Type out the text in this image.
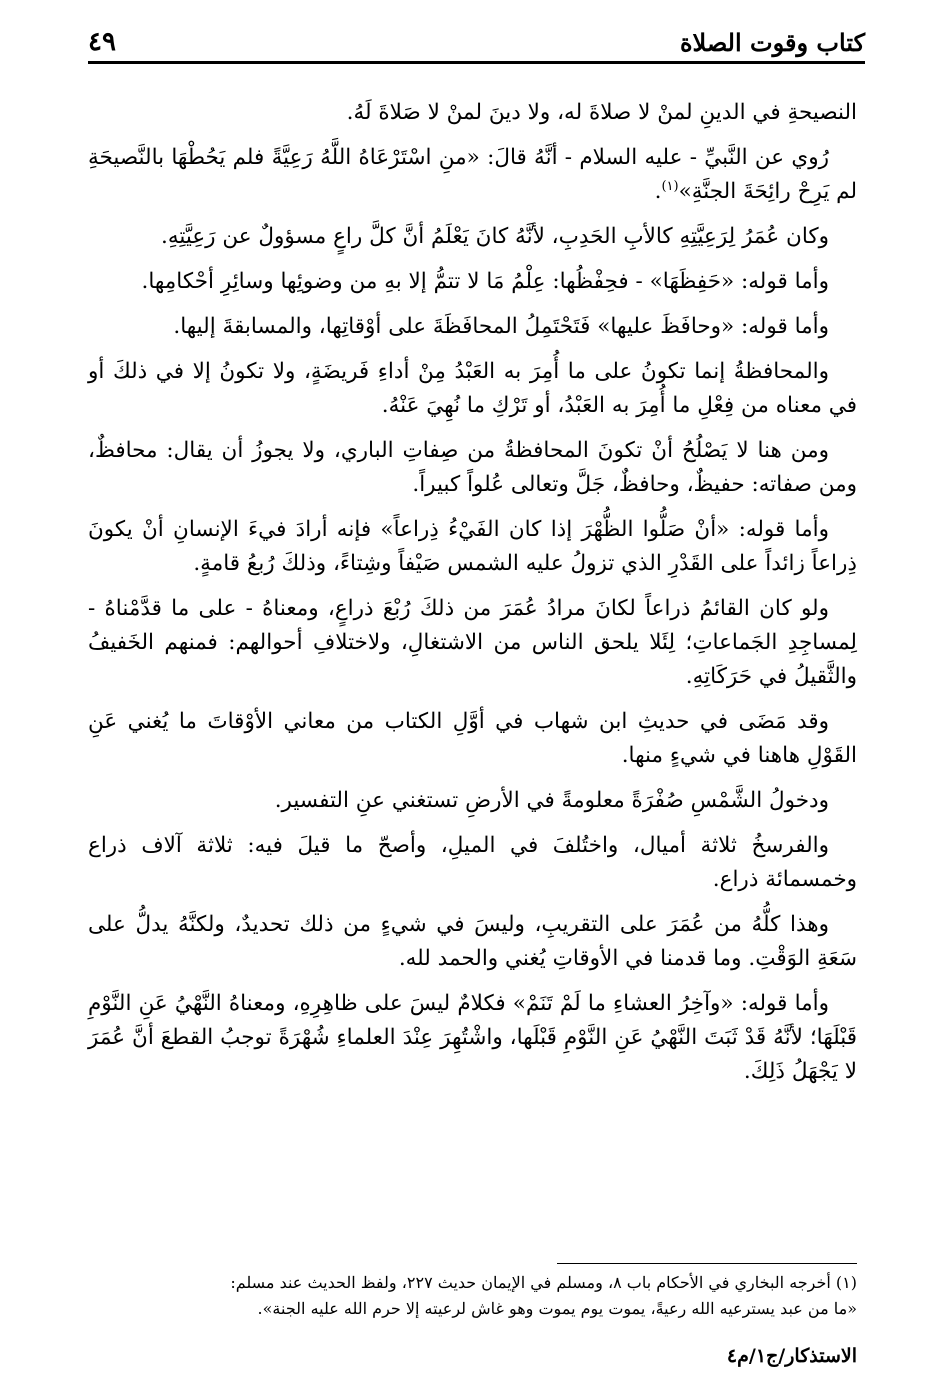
كتاب وقوت الصلاة
٤٩

النصيحةِ في الدينِ لمنْ لا صلاةَ له، ولا دينَ لمنْ لا صَلاةَ لَهُ.

رُوي عن النَّبيِّ - عليه السلام - أنَّهُ قالَ: «منِ اسْتَرْعَاهُ اللَّهُ رَعِيَّةً فلم يَحُطْهَا بالنَّصيحَةِ لم يَرِحْ رائِحَةَ الجنَّةِ»$^{(١)}$.

وكان عُمَرُ لِرَعِيَّتِهِ كالأبِ الحَدِبِ، لأنَّهُ كانَ يَعْلَمُ أنَّ كلَّ راعٍ مسؤولٌ عن رَعِيَّتِهِ.

وأما قوله: «حَفِظَهَا» - فحِفْظُها: عِلْمُ مَا لا تتمُّ إلا بهِ من وضوئِها وسائِرِ أحْكامِها.

وأما قوله: «وحافَظَ عليها» فَتَحْتَمِلُ المحافَظَةَ على أوْقاتِها، والمسابقةَ إليها.

والمحافظةُ إنما تكونُ على ما أُمِرَ به العَبْدُ مِنْ أداءِ فَريضَةٍ، ولا تكونُ إلا في ذلكَ أو في معناه من فِعْلِ ما أُمِرَ به العَبْدُ، أو تَرْكِ ما نُهِيَ عَنْهُ.

ومن هنا لا يَصْلُحُ أنْ تكونَ المحافظةُ من صِفاتِ الباري، ولا يجوزُ أن يقال: محافظٌ، ومن صفاته: حفيظٌ، وحافظٌ، جَلَّ وتعالى عُلواً كبيراً.

وأما قوله: «أنْ صَلُّوا الظُّهْرَ إذا كان الفَيْءُ ذِراعاً» فإنه أرادَ فيءَ الإنسانِ أنْ يكونَ ذِراعاً زائداً على القَدْرِ الذي تزولُ عليه الشمس صَيْفاً وشِتاءً، وذلكَ رُبعُ قامةٍ.

ولو كان القائمُ ذراعاً لكانَ مرادُ عُمَرَ من ذلكَ رُبْعَ ذراعٍ، ومعناهُ - على ما قدَّمْناهُ - لِمساجِدِ الجَماعاتِ؛ لِئَلا يلحق الناس من الاشتغالِ، ولاختلافِ أحوالهم: فمنهم الخَفيفُ والثَّقيلُ في حَرَكَاتِهِ.

وقد مَضَى في حديثِ ابن شهاب في أوَّلِ الكتاب من معاني الأوْقاتَ ما يُغني عَنِ القَوْلِ هاهنا في شيءٍ منها.

ودخولُ الشَّمْسِ صُفْرَةً معلومةً في الأرضِ تستغني عنِ التفسير.

والفرسخُ ثلاثة أميال، واختُلفَ في الميلِ، وأصحّ ما قيلَ فيه: ثلاثة آلاف ذراع وخمسمائة ذراع.

وهذا كلُّهُ من عُمَرَ على التقريبِ، وليسَ في شيءٍ من ذلك تحديدٌ، ولكنَّهُ يدلُّ على سَعَةِ الوَقْتِ. وما قدمنا في الأوقاتِ يُغني والحمد لله.

وأما قوله: «وآخِرُ العشاءِ ما لَمْ تَنَمْ» فكلامٌ ليسَ على ظاهِرِهِ، ومعناهُ النَّهْيُ عَنِ النَّوْمِ قَبْلَهَا؛ لأنَّهُ قَدْ ثَبَتَ النَّهْيُ عَنِ النَّوْمِ قَبْلَها، واشْتُهِرَ عِنْدَ العلماءِ شُهْرَةً توجبُ القطعَ أنَّ عُمَرَ لا يَجْهَلُ ذَلِكَ.

(١) أخرجه البخاري في الأحكام باب ٨، ومسلم في الإيمان حديث ٢٢٧، ولفظ الحديث عند مسلم:

«ما من عبد يسترعيه الله رعيةً، يموت يوم يموت وهو غاش لرعيته إلا حرم الله عليه الجنة».

الاستذكار/ج١/م٤
